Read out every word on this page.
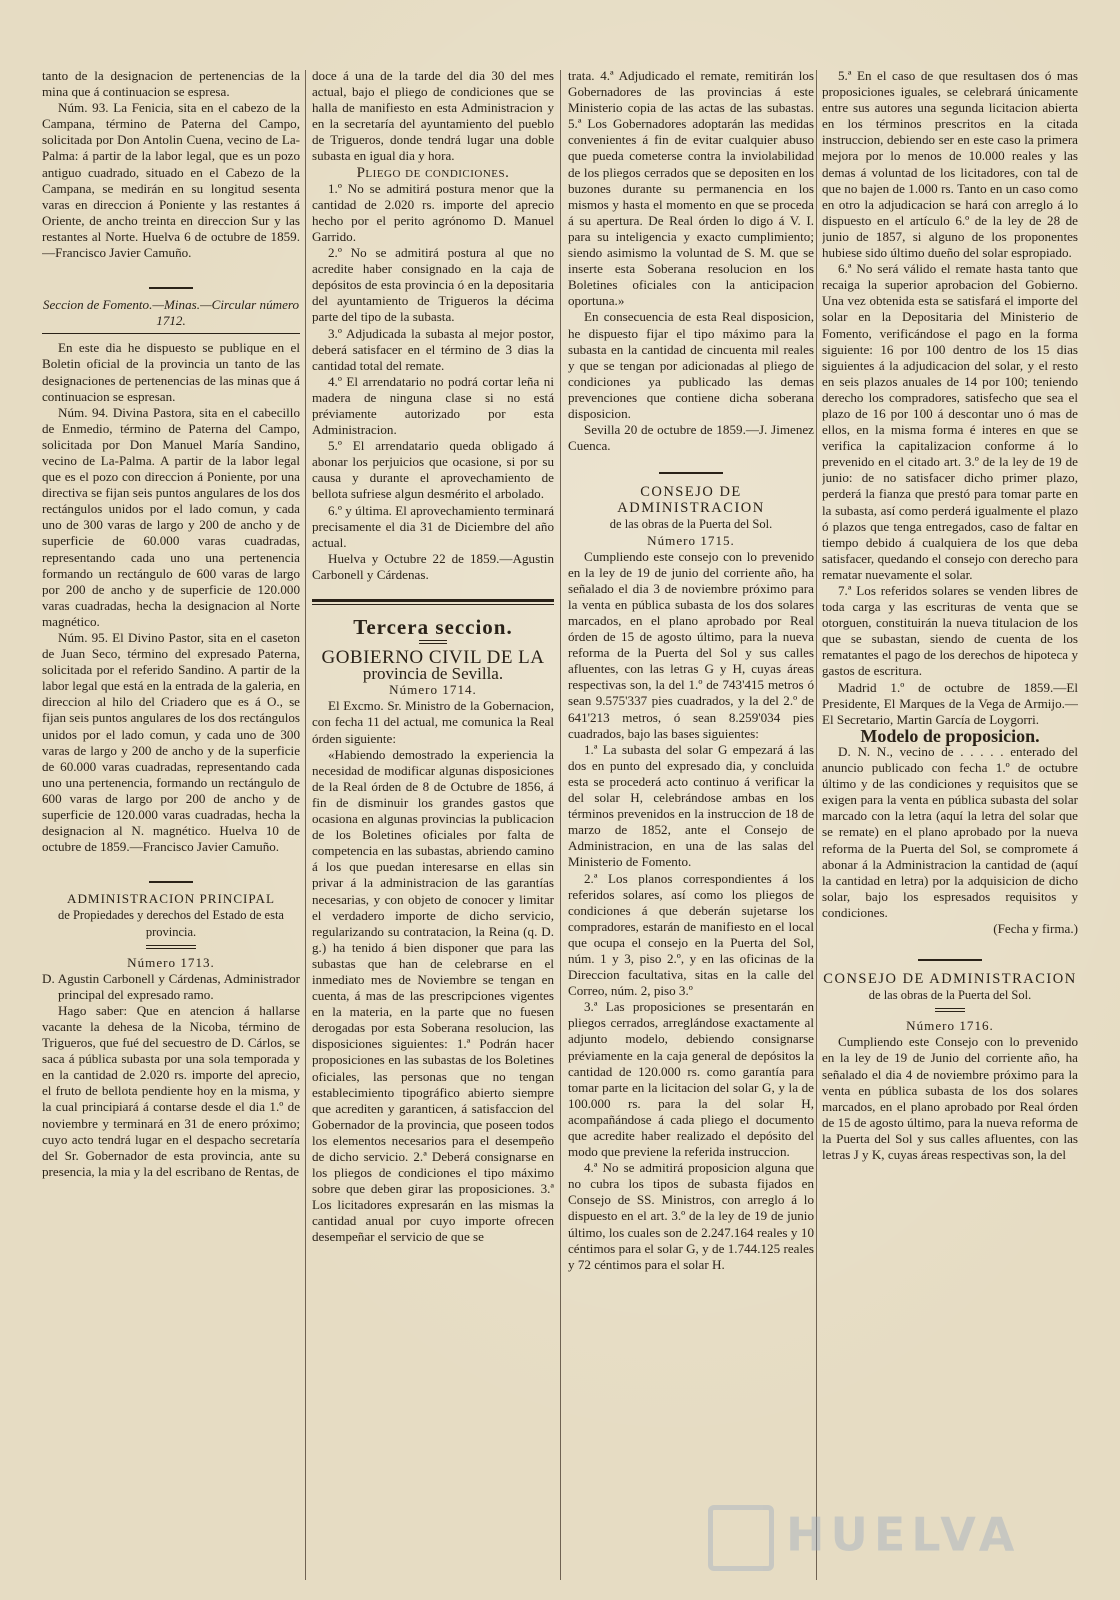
tanto de la designacion de pertenencias de la mina que á continuacion se espresa.

Núm. 93. La Fenicia, sita en el cabezo de la Campana, término de Paterna del Campo, solicitada por Don Antolin Cuena, vecino de La-Palma: á partir de la labor legal, que es un pozo antiguo cuadrado, situado en el Cabezo de la Campana, se medirán en su longitud sesenta varas en direccion á Poniente y las restantes á Oriente, de ancho treinta en direccion Sur y las restantes al Norte. Huelva 6 de octubre de 1859.—Francisco Javier Camuño.

Seccion de Fomento.—Minas.—Circular número 1712.

En este dia he dispuesto se publique en el Boletin oficial de la provincia un tanto de las designaciones de pertenencias de las minas que á continuacion se espresan.

Núm. 94. Divina Pastora, sita en el cabecillo de Enmedio, término de Paterna del Campo, solicitada por Don Manuel María Sandino, vecino de La-Palma. A partir de la labor legal que es el pozo con direccion á Poniente, por una directiva se fijan seis puntos angulares de los dos rectángulos unidos por el lado comun, y cada uno de 300 varas de largo y 200 de ancho y de superficie de 60.000 varas cuadradas, representando cada uno una pertenencia formando un rectángulo de 600 varas de largo por 200 de ancho y de superficie de 120.000 varas cuadradas, hecha la designacion al Norte magnético.

Núm. 95. El Divino Pastor, sita en el caseton de Juan Seco, término del expresado Paterna, solicitada por el referido Sandino. A partir de la labor legal que está en la entrada de la galeria, en direccion al hilo del Criadero que es á O., se fijan seis puntos angulares de los dos rectángulos unidos por el lado comun, y cada uno de 300 varas de largo y 200 de ancho y de la superficie de 60.000 varas cuadradas, representando cada uno una pertenencia, formando un rectángulo de 600 varas de largo por 200 de ancho y de superficie de 120.000 varas cuadradas, hecha la designacion al N. magnético. Huelva 10 de octubre de 1859.—Francisco Javier Camuño.

ADMINISTRACION PRINCIPAL

de Propiedades y derechos del Estado de esta provincia.

Número 1713.

D. Agustin Carbonell y Cárdenas, Administrador principal del expresado ramo.

Hago saber: Que en atencion á hallarse vacante la dehesa de la Nicoba, término de Trigueros, que fué del secuestro de D. Cárlos, se saca á pública subasta por una sola temporada y en la cantidad de 2.020 rs. importe del aprecio, el fruto de bellota pendiente hoy en la misma, y la cual principiará á contarse desde el dia 1.º de noviembre y terminará en 31 de enero próximo; cuyo acto tendrá lugar en el despacho secretaría del Sr. Gobernador de esta provincia, ante su presencia, la mia y la del escribano de Rentas, de

doce á una de la tarde del dia 30 del mes actual, bajo el pliego de condiciones que se halla de manifiesto en esta Administracion y en la secretaría del ayuntamiento del pueblo de Trigueros, donde tendrá lugar una doble subasta en igual dia y hora.

Pliego de condiciones.

1.º No se admitirá postura menor que la cantidad de 2.020 rs. importe del aprecio hecho por el perito agrónomo D. Manuel Garrido.

2.º No se admitirá postura al que no acredite haber consignado en la caja de depósitos de esta provincia ó en la depositaria del ayuntamiento de Trigueros la décima parte del tipo de la subasta.

3.º Adjudicada la subasta al mejor postor, deberá satisfacer en el término de 3 dias la cantidad total del remate.

4.º El arrendatario no podrá cortar leña ni madera de ninguna clase si no está préviamente autorizado por esta Administracion.

5.º El arrendatario queda obligado á abonar los perjuicios que ocasione, si por su causa y durante el aprovechamiento de bellota sufriese algun desmérito el arbolado.

6.º y última. El aprovechamiento terminará precisamente el dia 31 de Diciembre del año actual.

Huelva y Octubre 22 de 1859.—Agustin Carbonell y Cárdenas.

Tercera seccion.

GOBIERNO CIVIL DE LA

provincia de Sevilla.

Número 1714.

El Excmo. Sr. Ministro de la Gobernacion, con fecha 11 del actual, me comunica la Real órden siguiente:

«Habiendo demostrado la experiencia la necesidad de modificar algunas disposiciones de la Real órden de 8 de Octubre de 1856, á fin de disminuir los grandes gastos que ocasiona en algunas provincias la publicacion de los Boletines oficiales por falta de competencia en las subastas, abriendo camino á los que puedan interesarse en ellas sin privar á la administracion de las garantías necesarias, y con objeto de conocer y limitar el verdadero importe de dicho servicio, regularizando su contratacion, la Reina (q. D. g.) ha tenido á bien disponer que para las subastas que han de celebrarse en el inmediato mes de Noviembre se tengan en cuenta, á mas de las prescripciones vigentes en la materia, en la parte que no fuesen derogadas por esta Soberana resolucion, las disposiciones siguientes: 1.ª Podrán hacer proposiciones en las subastas de los Boletines oficiales, las personas que no tengan establecimiento tipográfico abierto siempre que acrediten y garanticen, á satisfaccion del Gobernador de la provincia, que poseen todos los elementos necesarios para el desempeño de dicho servicio. 2.ª Deberá consignarse en los pliegos de condiciones el tipo máximo sobre que deben girar las proposiciones. 3.ª Los licitadores expresarán en las mismas la cantidad anual por cuyo importe ofrecen desempeñar el servicio de que se

trata. 4.ª Adjudicado el remate, remitirán los Gobernadores de las provincias á este Ministerio copia de las actas de las subastas. 5.ª Los Gobernadores adoptarán las medidas convenientes á fin de evitar cualquier abuso que pueda cometerse contra la inviolabilidad de los pliegos cerrados que se depositen en los buzones durante su permanencia en los mismos y hasta el momento en que se proceda á su apertura. De Real órden lo digo á V. I. para su inteligencia y exacto cumplimiento; siendo asimismo la voluntad de S. M. que se inserte esta Soberana resolucion en los Boletines oficiales con la anticipacion oportuna.»

En consecuencia de esta Real disposicion, he dispuesto fijar el tipo máximo para la subasta en la cantidad de cincuenta mil reales y que se tengan por adicionadas al pliego de condiciones ya publicado las demas prevenciones que contiene dicha soberana disposicion.

Sevilla 20 de octubre de 1859.—J. Jimenez Cuenca.

CONSEJO DE ADMINISTRACION

de las obras de la Puerta del Sol.

Número 1715.

Cumpliendo este consejo con lo prevenido en la ley de 19 de junio del corriente año, ha señalado el dia 3 de noviembre próximo para la venta en pública subasta de los dos solares marcados, en el plano aprobado por Real órden de 15 de agosto último, para la nueva reforma de la Puerta del Sol y sus calles afluentes, con las letras G y H, cuyas áreas respectivas son, la del 1.º de 743'415 metros ó sean 9.575'337 pies cuadrados, y la del 2.º de 641'213 metros, ó sean 8.259'034 pies cuadrados, bajo las bases siguientes:

1.ª La subasta del solar G empezará á las dos en punto del expresado dia, y concluida esta se procederá acto continuo á verificar la del solar H, celebrándose ambas en los términos prevenidos en la instruccion de 18 de marzo de 1852, ante el Consejo de Administracion, en una de las salas del Ministerio de Fomento.

2.ª Los planos correspondientes á los referidos solares, así como los pliegos de condiciones á que deberán sujetarse los compradores, estarán de manifiesto en el local que ocupa el consejo en la Puerta del Sol, núm. 1 y 3, piso 2.º, y en las oficinas de la Direccion facultativa, sitas en la calle del Correo, núm. 2, piso 3.º

3.ª Las proposiciones se presentarán en pliegos cerrados, arreglándose exactamente al adjunto modelo, debiendo consignarse préviamente en la caja general de depósitos la cantidad de 120.000 rs. como garantía para tomar parte en la licitacion del solar G, y la de 100.000 rs. para la del solar H, acompañándose á cada pliego el documento que acredite haber realizado el depósito del modo que previene la referida instruccion.

4.ª No se admitirá proposicion alguna que no cubra los tipos de subasta fijados en Consejo de SS. Ministros, con arreglo á lo dispuesto en el art. 3.º de la ley de 19 de junio último, los cuales son de 2.247.164 reales y 10 céntimos para el solar G, y de 1.744.125 reales y 72 céntimos para el solar H.

5.ª En el caso de que resultasen dos ó mas proposiciones iguales, se celebrará únicamente entre sus autores una segunda licitacion abierta en los términos prescritos en la citada instruccion, debiendo ser en este caso la primera mejora por lo menos de 10.000 reales y las demas á voluntad de los licitadores, con tal de que no bajen de 1.000 rs. Tanto en un caso como en otro la adjudicacion se hará con arreglo á lo dispuesto en el artículo 6.º de la ley de 28 de junio de 1857, si alguno de los proponentes hubiese sido último dueño del solar espropiado.

6.ª No será válido el remate hasta tanto que recaiga la superior aprobacion del Gobierno. Una vez obtenida esta se satisfará el importe del solar en la Depositaria del Ministerio de Fomento, verificándose el pago en la forma siguiente: 16 por 100 dentro de los 15 dias siguientes á la adjudicacion del solar, y el resto en seis plazos anuales de 14 por 100; teniendo derecho los compradores, satisfecho que sea el plazo de 16 por 100 á descontar uno ó mas de ellos, en la misma forma é interes en que se verifica la capitalizacion conforme á lo prevenido en el citado art. 3.º de la ley de 19 de junio: de no satisfacer dicho primer plazo, perderá la fianza que prestó para tomar parte en la subasta, así como perderá igualmente el plazo ó plazos que tenga entregados, caso de faltar en tiempo debido á cualquiera de los que deba satisfacer, quedando el consejo con derecho para rematar nuevamente el solar.

7.ª Los referidos solares se venden libres de toda carga y las escrituras de venta que se otorguen, constituirán la nueva titulacion de los que se subastan, siendo de cuenta de los rematantes el pago de los derechos de hipoteca y gastos de escritura.

Madrid 1.º de octubre de 1859.—El Presidente, El Marques de la Vega de Armijo.—El Secretario, Martin García de Loygorri.

Modelo de proposicion.

D. N. N., vecino de . . . . . enterado del anuncio publicado con fecha 1.º de octubre último y de las condiciones y requisitos que se exigen para la venta en pública subasta del solar marcado con la letra (aquí la letra del solar que se remate) en el plano aprobado por la nueva reforma de la Puerta del Sol, se compromete á abonar á la Administracion la cantidad de (aquí la cantidad en letra) por la adquisicion de dicho solar, bajo los espresados requisitos y condiciones.

(Fecha y firma.)

CONSEJO DE ADMINISTRACION

de las obras de la Puerta del Sol.

Número 1716.

Cumpliendo este Consejo con lo prevenido en la ley de 19 de Junio del corriente año, ha señalado el dia 4 de noviembre próximo para la venta en pública subasta de los dos solares marcados, en el plano aprobado por Real órden de 15 de agosto último, para la nueva reforma de la Puerta del Sol y sus calles afluentes, con las letras J y K, cuyas áreas respectivas son, la del

HUELVA
